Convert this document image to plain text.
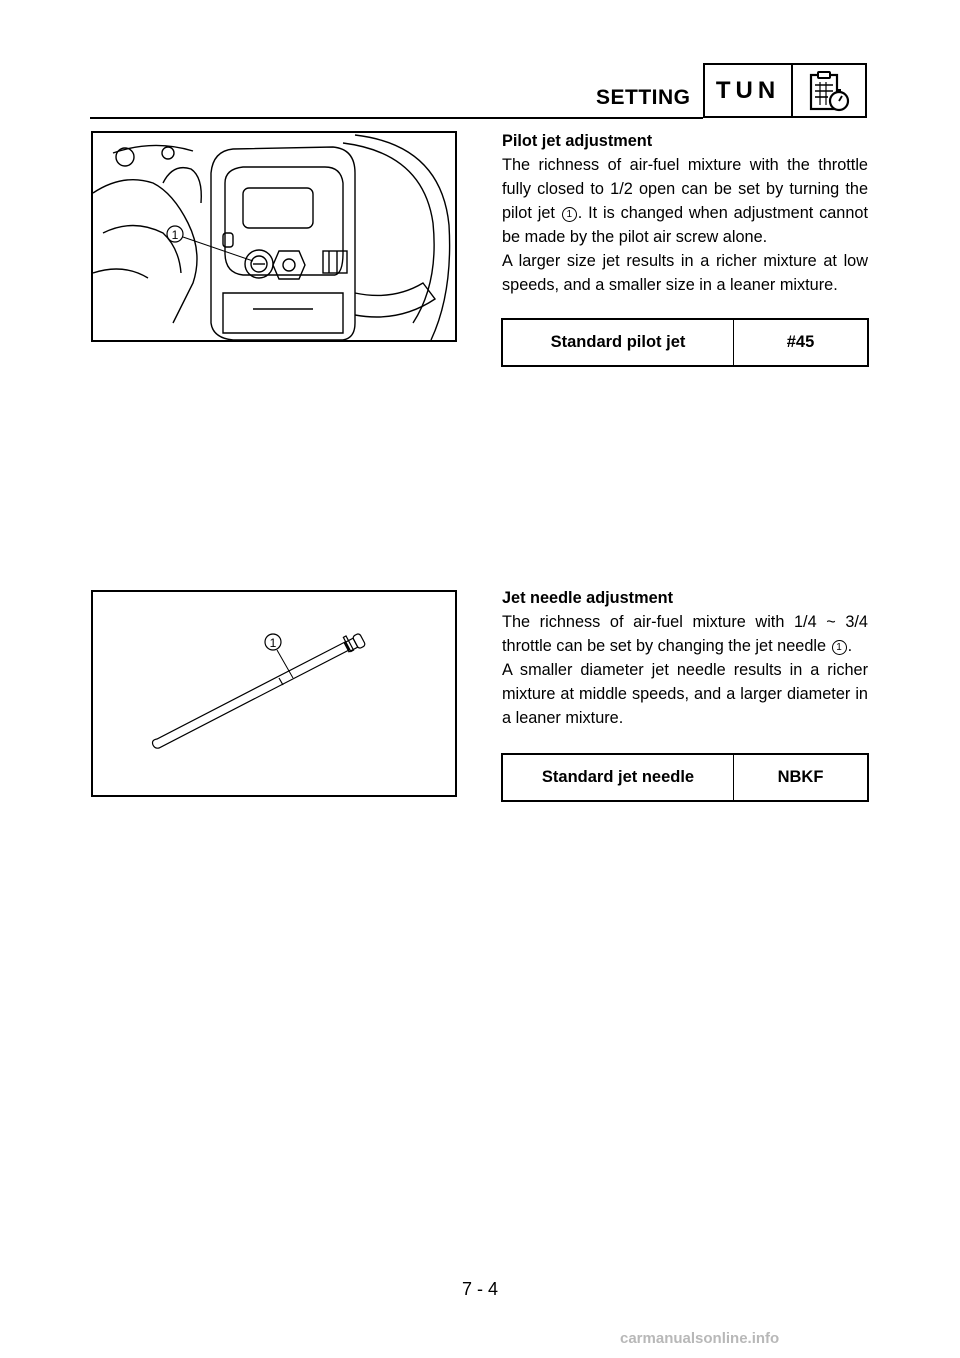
SETTING	TUN
1

Pilot jet adjustment

The richness of air-fuel mixture with the throttle fully closed to 1/2 open can be set by turning the pilot jet 1 . It is changed when adjustment cannot be made by the pilot air screw alone.

A larger size jet results in a richer mixture at low speeds, and a smaller size in a leaner mixture.

Standard pilot jet	#45
1

Jet needle adjustment

The richness of air-fuel mixture with 1/4 ~ 3/4 throttle can be set by changing the jet needle 1 .

A smaller diameter jet needle results in a richer mixture at middle speeds, and a larger diameter in a leaner mixture.

Standard jet needle	NBKF
7 - 4
carmanualsonline.info
